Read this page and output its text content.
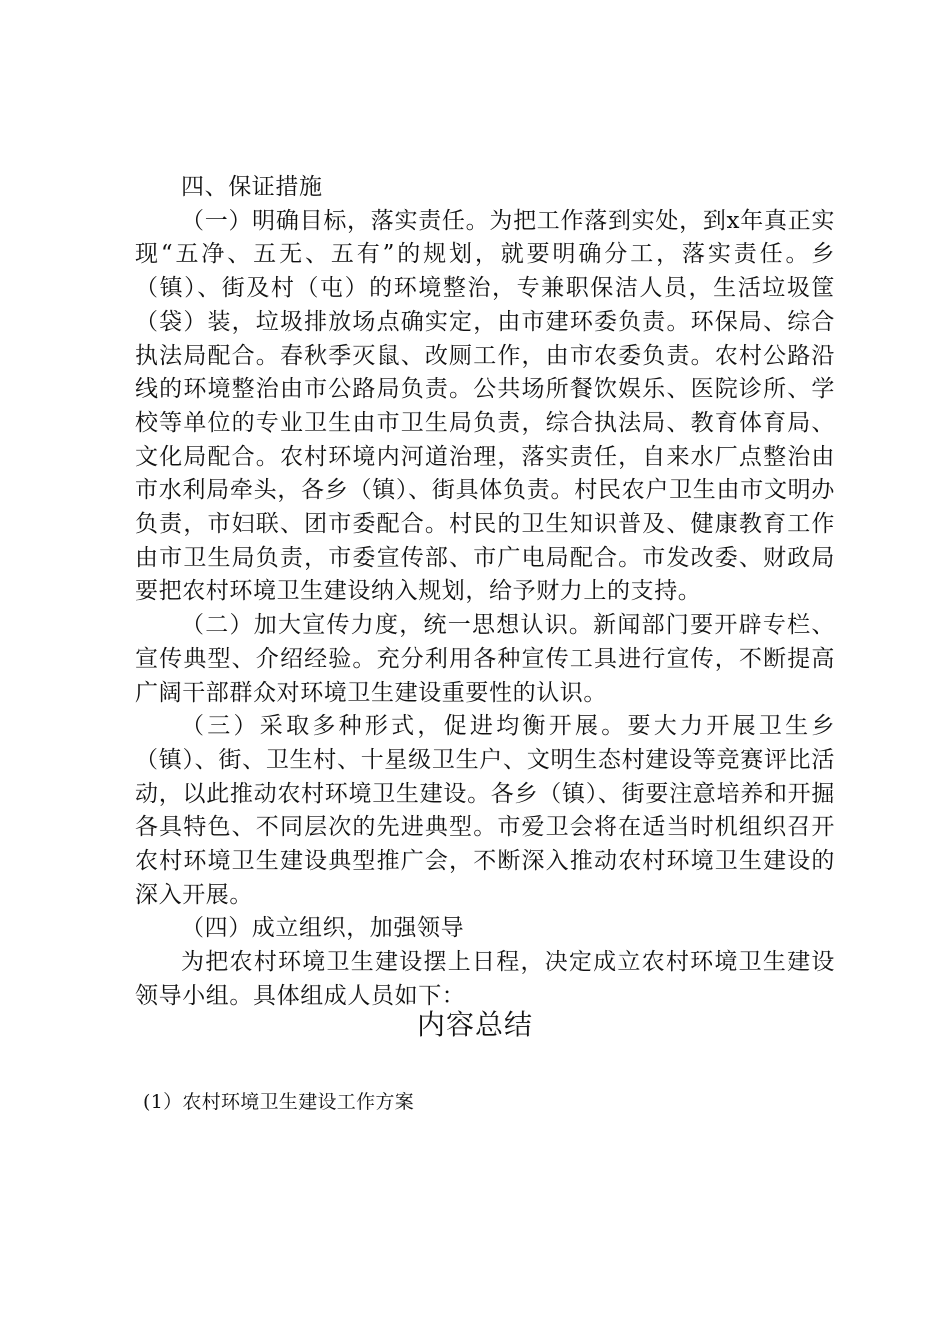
四、保证措施

（一）明确目标，落实责任。为把工作落到实处，到x年真正实现“五净、五无、五有”的规划，就要明确分工，落实责任。乡（镇）、街及村（屯）的环境整治，专兼职保洁人员，生活垃圾筐（袋）装，垃圾排放场点确实定，由市建环委负责。环保局、综合执法局配合。春秋季灭鼠、改厕工作，由市农委负责。农村公路沿线的环境整治由市公路局负责。公共场所餐饮娱乐、医院诊所、学校等单位的专业卫生由市卫生局负责，综合执法局、教育体育局、文化局配合。农村环境内河道治理，落实责任，自来水厂点整治由市水利局牵头，各乡（镇）、街具体负责。村民农户卫生由市文明办负责，市妇联、团市委配合。村民的卫生知识普及、健康教育工作由市卫生局负责，市委宣传部、市广电局配合。市发改委、财政局要把农村环境卫生建设纳入规划，给予财力上的支持。

（二）加大宣传力度，统一思想认识。新闻部门要开辟专栏、宣传典型、介绍经验。充分利用各种宣传工具进行宣传，不断提高广阔干部群众对环境卫生建设重要性的认识。

（三）采取多种形式，促进均衡开展。要大力开展卫生乡（镇）、街、卫生村、十星级卫生户、文明生态村建设等竞赛评比活动，以此推动农村环境卫生建设。各乡（镇）、街要注意培养和开掘各具特色、不同层次的先进典型。市爱卫会将在适当时机组织召开农村环境卫生建设典型推广会，不断深入推动农村环境卫生建设的深入开展。

（四）成立组织，加强领导

为把农村环境卫生建设摆上日程，决定成立农村环境卫生建设领导小组。具体组成人员如下：

内容总结
(1）农村环境卫生建设工作方案
